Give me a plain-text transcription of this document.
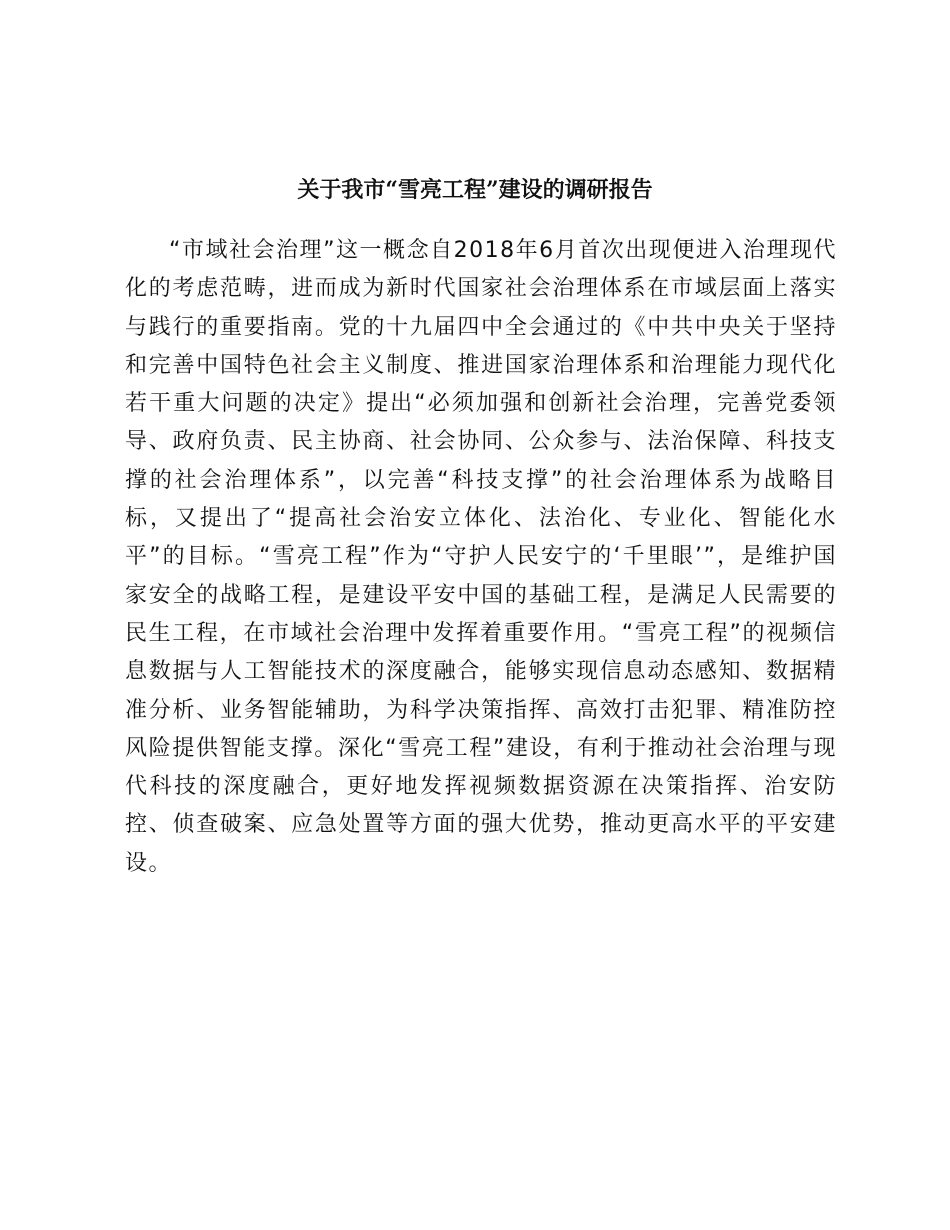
关于我市“雪亮工程”建设的调研报告

“市域社会治理”这一概念自2018年6月首次出现便进入治理现代化的考虑范畴，进而成为新时代国家社会治理体系在市域层面上落实与践行的重要指南。党的十九届四中全会通过的《中共中央关于坚持和完善中国特色社会主义制度、推进国家治理体系和治理能力现代化若干重大问题的决定》提出“必须加强和创新社会治理，完善党委领导、政府负责、民主协商、社会协同、公众参与、法治保障、科技支撑的社会治理体系”，以完善“科技支撑”的社会治理体系为战略目标，又提出了“提高社会治安立体化、法治化、专业化、智能化水平”的目标。“雪亮工程”作为“守护人民安宁的‘千里眼’”，是维护国家安全的战略工程，是建设平安中国的基础工程，是满足人民需要的民生工程，在市域社会治理中发挥着重要作用。“雪亮工程”的视频信息数据与人工智能技术的深度融合，能够实现信息动态感知、数据精准分析、业务智能辅助，为科学决策指挥、高效打击犯罪、精准防控风险提供智能支撑。深化“雪亮工程”建设，有利于推动社会治理与现代科技的深度融合，更好地发挥视频数据资源在决策指挥、治安防控、侦查破案、应急处置等方面的强大优势，推动更高水平的平安建设。
